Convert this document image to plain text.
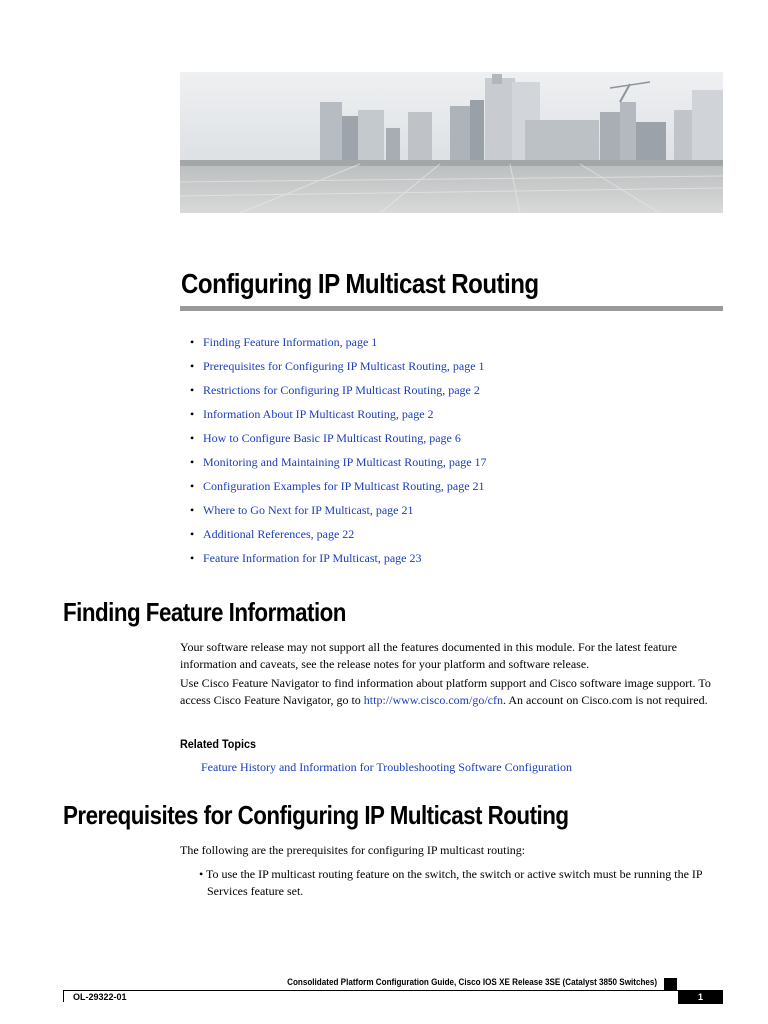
Configuring IP Multicast Routing
• Finding Feature Information, page 1
• Prerequisites for Configuring IP Multicast Routing, page 1
• Restrictions for Configuring IP Multicast Routing, page 2
• Information About IP Multicast Routing, page 2
• How to Configure Basic IP Multicast Routing, page 6
• Monitoring and Maintaining IP Multicast Routing, page 17
• Configuration Examples for IP Multicast Routing, page 21
• Where to Go Next for IP Multicast, page 21
• Additional References, page 22
• Feature Information for IP Multicast, page 23
Finding Feature Information

Your software release may not support all the features documented in this module. For the latest feature information and caveats, see the release notes for your platform and software release.

Use Cisco Feature Navigator to find information about platform support and Cisco software image support. To access Cisco Feature Navigator, go to http://www.cisco.com/go/cfn. An account on Cisco.com is not required.

Related Topics

Feature History and Information for Troubleshooting Software Configuration
Prerequisites for Configuring IP Multicast Routing

The following are the prerequisites for configuring IP multicast routing:

• To use the IP multicast routing feature on the switch, the switch or active switch must be running the IP Services feature set.

Consolidated Platform Configuration Guide, Cisco IOS XE Release 3SE (Catalyst 3850 Switches)
OL-29322-01	1
